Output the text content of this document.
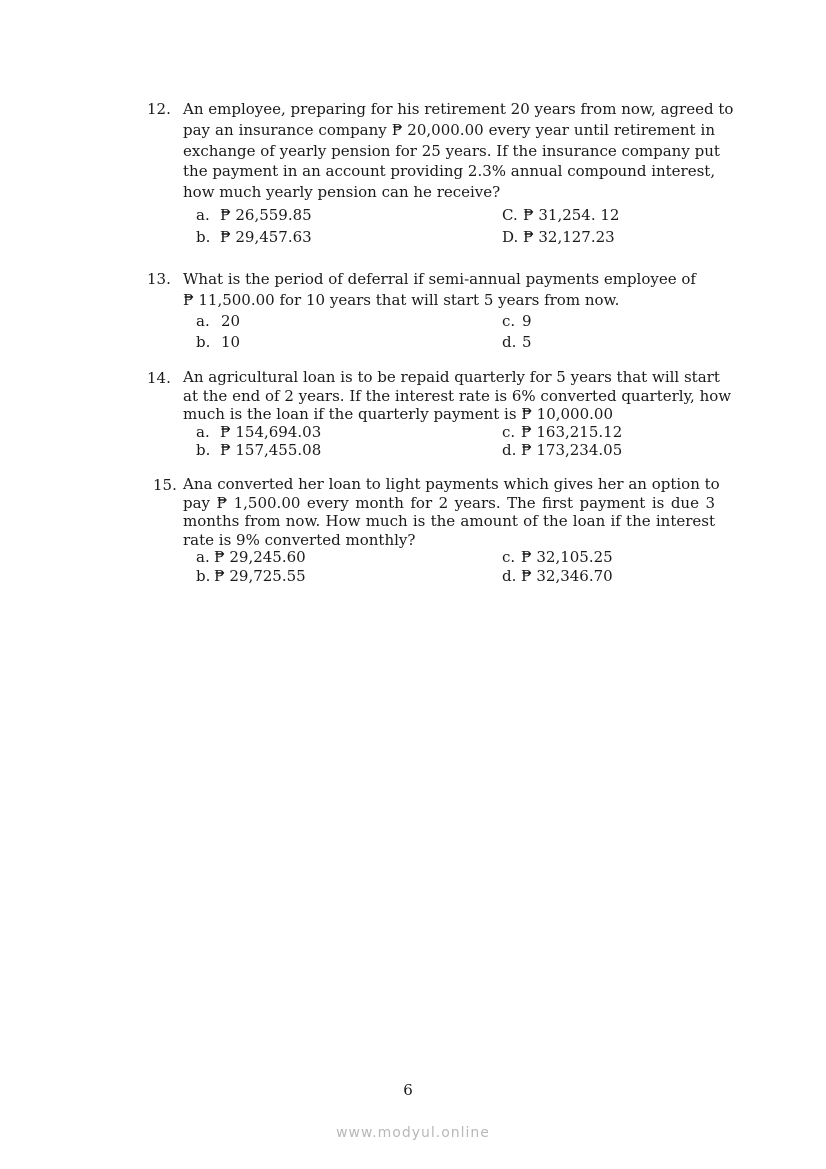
12. An employee, preparing for his retirement 20 years from now, agreed to
pay an insurance company ₱ 20,000.00 every year until retirement in
exchange of yearly pension for 25 years. If the insurance company put
the payment in an account providing 2.3% annual compound interest,
how much yearly pension can he receive?

a. ₱ 26,559.85	C. ₱ 31,254. 12
b. ₱ 29,457.63	D. ₱ 32,127.23
13. What is the period of deferral if semi-annual payments employee of
₱ 11,500.00 for 10 years that will start 5 years from now.

a. 20	c. 9
b. 10	d. 5
14. An agricultural loan is to be repaid quarterly for 5 years that will start
at the end of 2 years. If the interest rate is 6% converted quarterly, how
much is the loan if the quarterly payment is ₱ 10,000.00

a. ₱ 154,694.03	c. ₱ 163,215.12
b. ₱ 157,455.08	d. ₱ 173,234.05
15. Ana converted her loan to light payments which gives her an option to
pay ₱ 1,500.00 every month for 2 years. The first payment is due 3
months from now. How much is the amount of the loan if the interest
rate is 9% converted monthly?

a. ₱ 29,245.60	c. ₱ 32,105.25
b. ₱ 29,725.55	d. ₱ 32,346.70
6
www.modyul.online
